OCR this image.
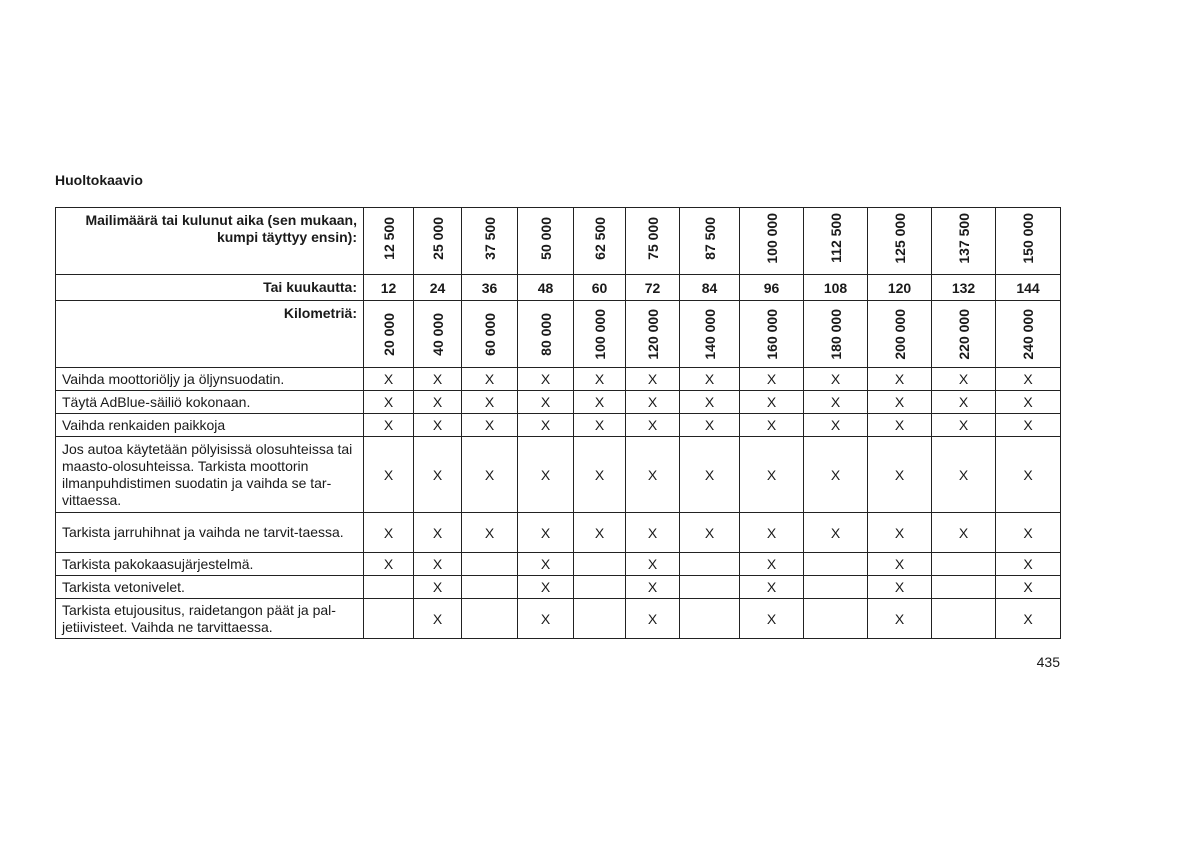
Huoltokaavio
Mailimäärä tai kulunut aika (sen mukaan, kumpi täyttyy ensin):	12 500	25 000	37 500	50 000	62 500	75 000	87 500	100 000	112 500	125 000	137 500	150 000

Tai kuukautta:	12	24	36	48	60	72	84	96	108	120	132	144
Kilometriä:	20 000	40 000	60 000	80 000	100 000	120 000	140 000	160 000	180 000	200 000	220 000	240 000

Vaihda moottoriöljy ja öljynsuodatin.	X	X	X	X	X	X	X	X	X	X	X	X
Täytä AdBlue-säiliö kokonaan.	X	X	X	X	X	X	X	X	X	X	X	X
Vaihda renkaiden paikkoja	X	X	X	X	X	X	X	X	X	X	X	X
Jos autoa käytetään pölyisissä olosuhteissa tai maasto-olosuhteissa. Tarkista moottorin ilmanpuhdistimen suodatin ja vaihda se tar-vittaessa.	X	X	X	X	X	X	X	X	X	X	X	X
Tarkista jarruhihnat ja vaihda ne tarvit-taessa.	X	X	X	X	X	X	X	X	X	X	X	X
Tarkista pakokaasujärjestelmä.	X	X		X		X		X		X		X
Tarkista vetonivelet.		X		X		X		X		X		X
Tarkista etujousitus, raidetangon päät ja pal-jetiivisteet. Vaihda ne tarvittaessa.		X		X		X		X		X		X
435
